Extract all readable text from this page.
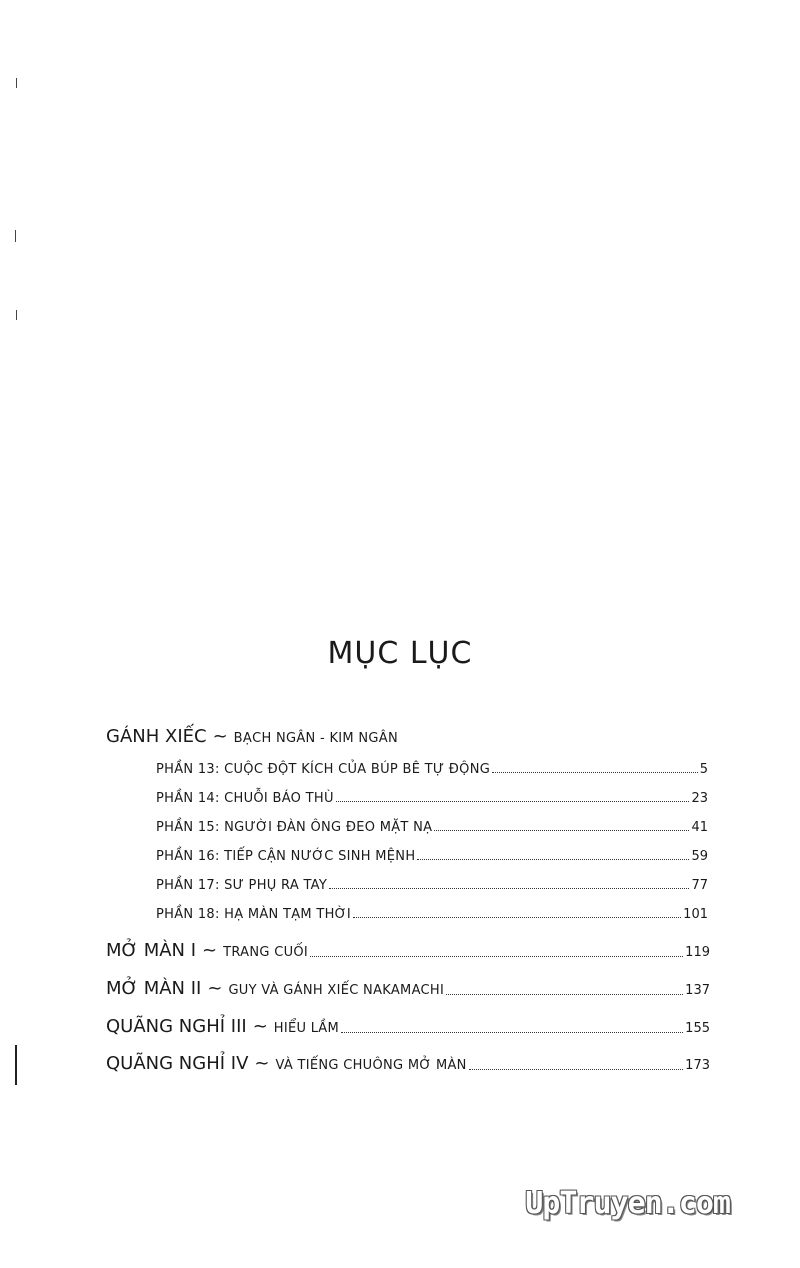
MỤC LỤC
GÁNH XIẾC ~ BẠCH NGÂN - KIM NGÂN
PHẦN 13: CUỘC ĐỘT KÍCH CỦA BÚP BÊ TỰ ĐỘNG	5
PHẦN 14: CHUỖI BÁO THÙ	23
PHẦN 15: NGƯỜI ĐÀN ÔNG ĐEO MẶT NẠ	41
PHẦN 16: TIẾP CẬN NƯỚC SINH MỆNH	59
PHẦN 17: SƯ PHỤ RA TAY	77
PHẦN 18: HẠ MÀN TẠM THỜI	101
MỞ MÀN I ~ TRANG CUỐI	119
MỞ MÀN II ~ GUY VÀ GÁNH XIẾC NAKAMACHI	137
QUÃNG NGHỈ III ~ HIỂU LẦM	155
QUÃNG NGHỈ IV ~ VÀ TIẾNG CHUÔNG MỞ MÀN	173
UpTruyen.com
